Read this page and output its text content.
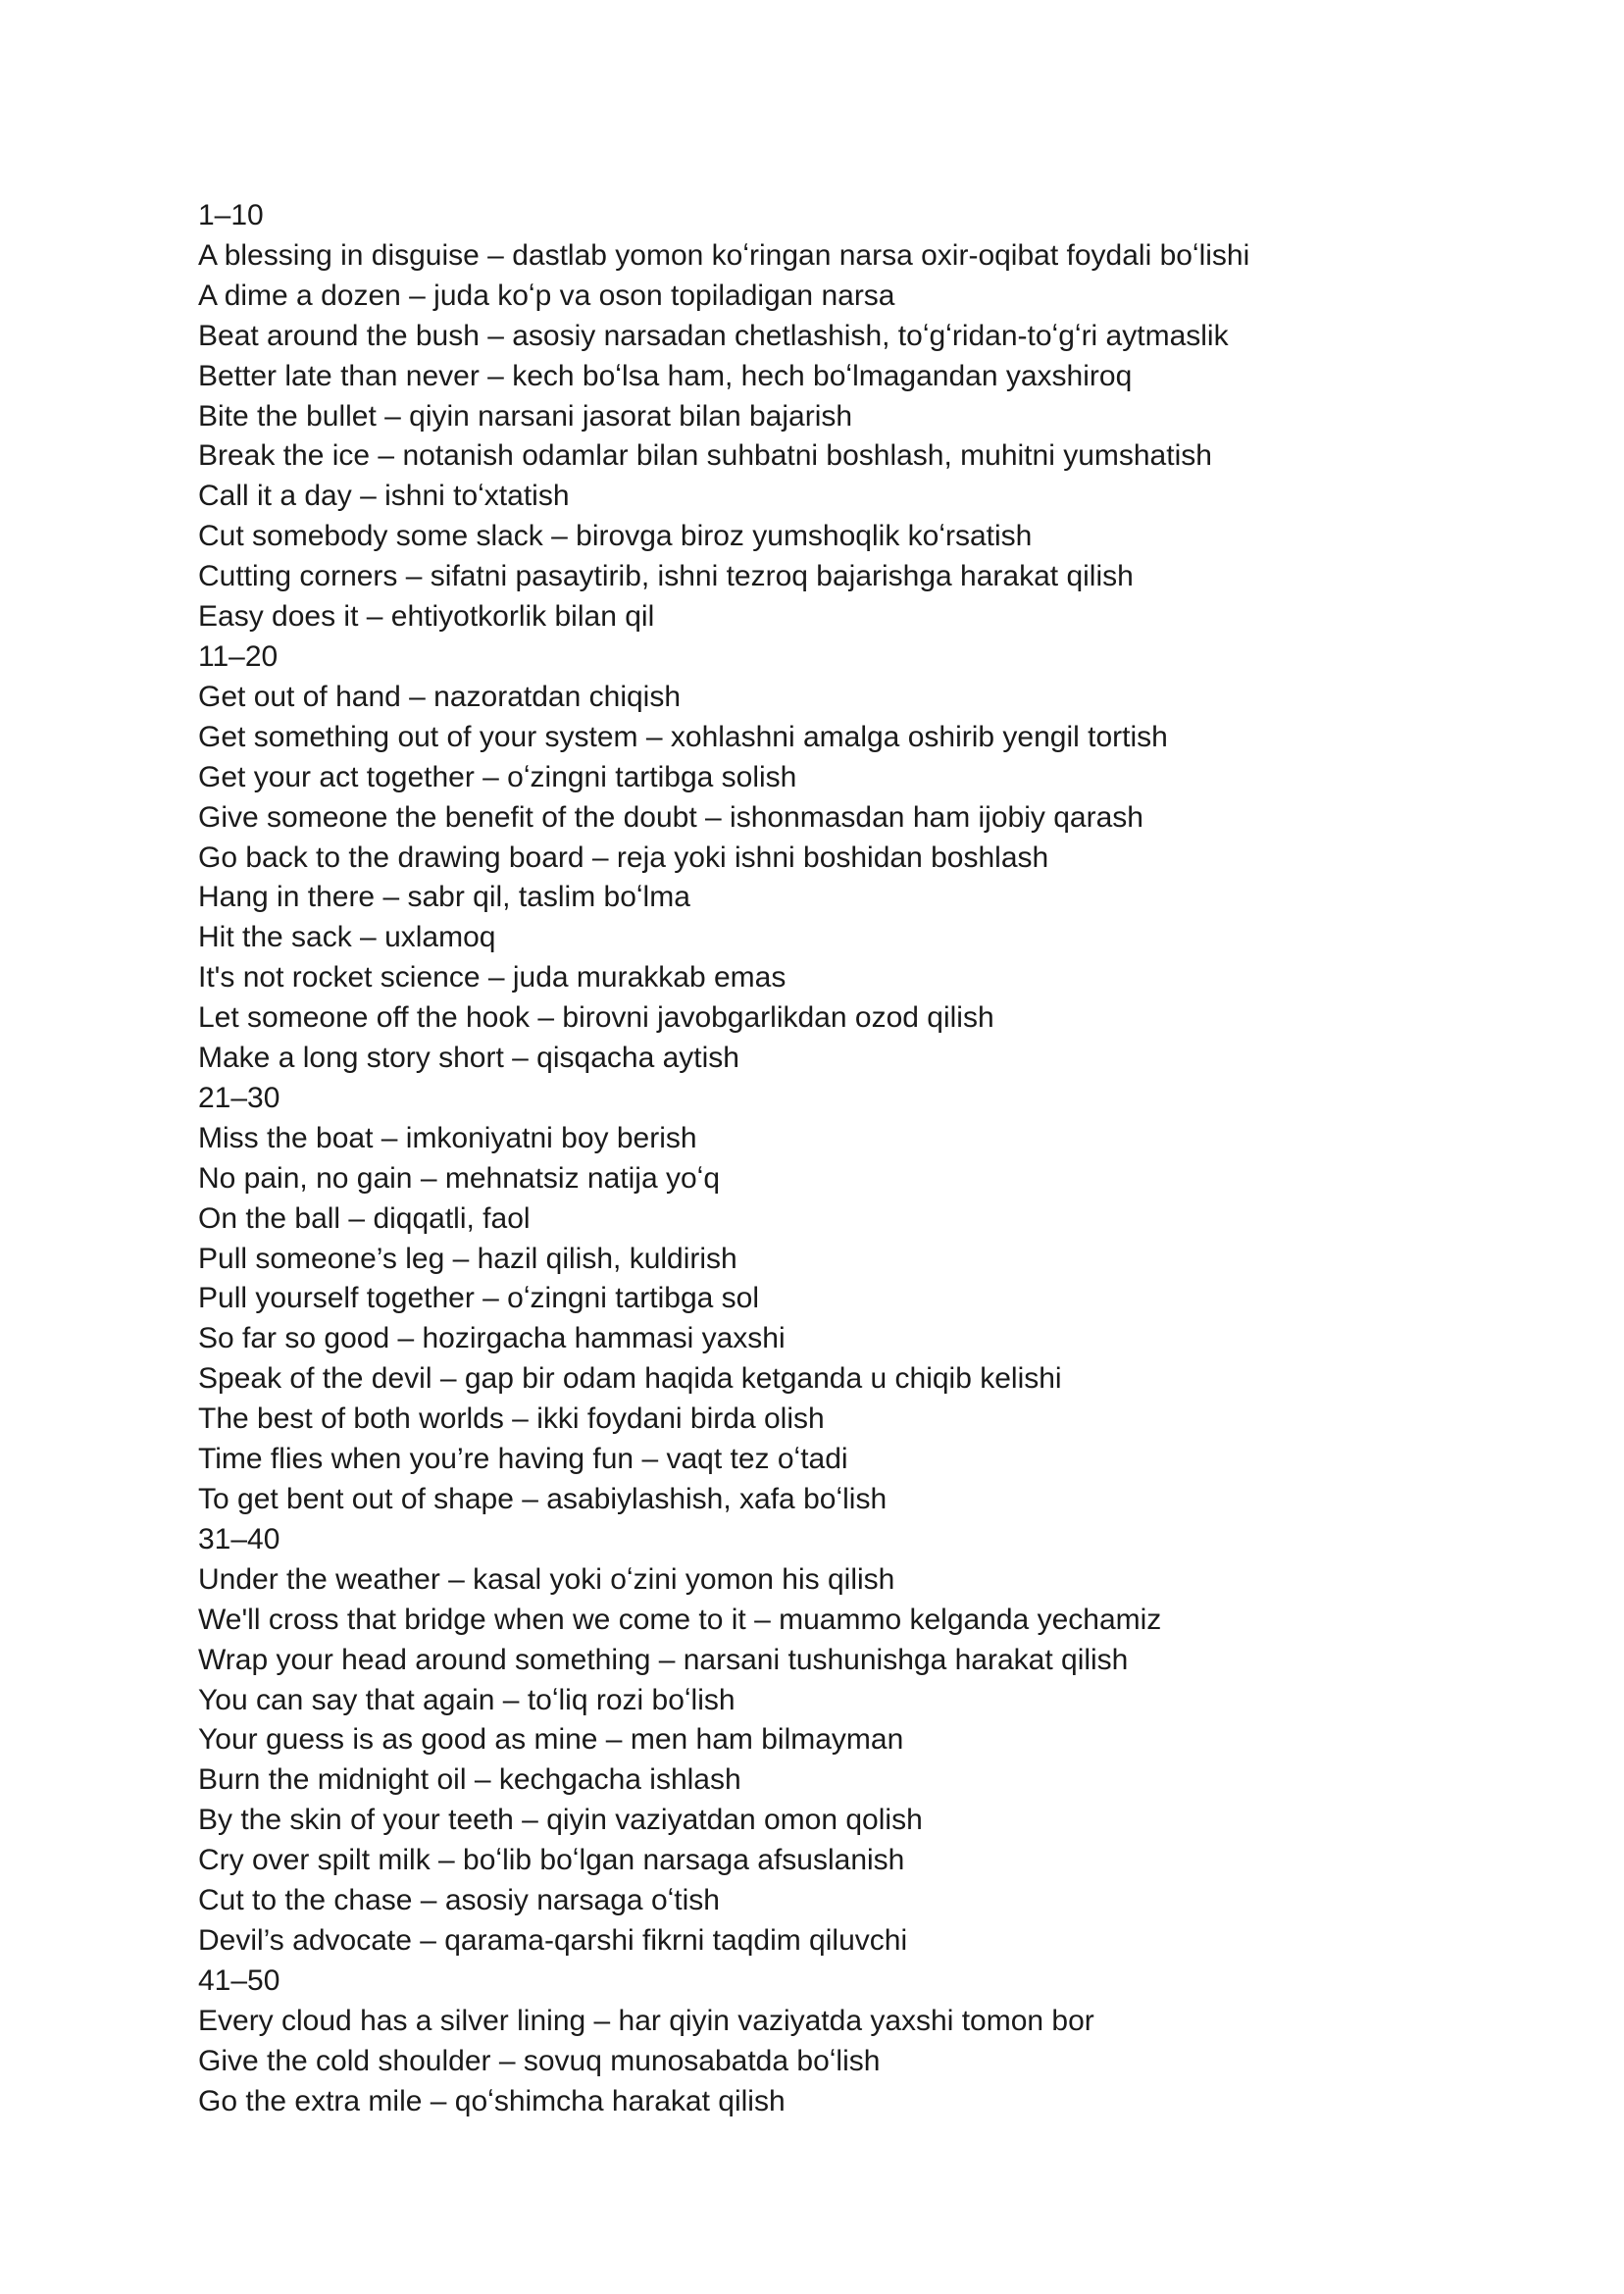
1–10
A blessing in disguise – dastlab yomon koʻringan narsa oxir-oqibat foydali boʻlishi
A dime a dozen – juda koʻp va oson topiladigan narsa
Beat around the bush – asosiy narsadan chetlashish, toʻgʻridan-toʻgʻri aytmaslik
Better late than never – kech boʻlsa ham, hech boʻlmagandan yaxshiroq
Bite the bullet – qiyin narsani jasorat bilan bajarish
Break the ice – notanish odamlar bilan suhbatni boshlash, muhitni yumshatish
Call it a day – ishni toʻxtatish
Cut somebody some slack – birovga biroz yumshoqlik koʻrsatish
Cutting corners – sifatni pasaytirib, ishni tezroq bajarishga harakat qilish
Easy does it – ehtiyotkorlik bilan qil
11–20
Get out of hand – nazoratdan chiqish
Get something out of your system – xohlashni amalga oshirib yengil tortish
Get your act together – oʻzingni tartibga solish
Give someone the benefit of the doubt – ishonmasdan ham ijobiy qarash
Go back to the drawing board – reja yoki ishni boshidan boshlash
Hang in there – sabr qil, taslim boʻlma
Hit the sack – uxlamoq
It's not rocket science – juda murakkab emas
Let someone off the hook – birovni javobgarlikdan ozod qilish
Make a long story short – qisqacha aytish
21–30
Miss the boat – imkoniyatni boy berish
No pain, no gain – mehnatsiz natija yoʻq
On the ball – diqqatli, faol
Pull someone’s leg – hazil qilish, kuldirish
Pull yourself together – oʻzingni tartibga sol
So far so good – hozirgacha hammasi yaxshi
Speak of the devil – gap bir odam haqida ketganda u chiqib kelishi
The best of both worlds – ikki foydani birda olish
Time flies when you’re having fun – vaqt tez oʻtadi
To get bent out of shape – asabiylashish, xafa boʻlish
31–40
Under the weather – kasal yoki oʻzini yomon his qilish
We'll cross that bridge when we come to it – muammo kelganda yechamiz
Wrap your head around something – narsani tushunishga harakat qilish
You can say that again – toʻliq rozi boʻlish
Your guess is as good as mine – men ham bilmayman
Burn the midnight oil – kechgacha ishlash
By the skin of your teeth – qiyin vaziyatdan omon qolish
Cry over spilt milk – boʻlib boʻlgan narsaga afsuslanish
Cut to the chase – asosiy narsaga oʻtish
Devil’s advocate – qarama-qarshi fikrni taqdim qiluvchi
41–50
Every cloud has a silver lining – har qiyin vaziyatda yaxshi tomon bor
Give the cold shoulder – sovuq munosabatda boʻlish
Go the extra mile – qoʻshimcha harakat qilish
